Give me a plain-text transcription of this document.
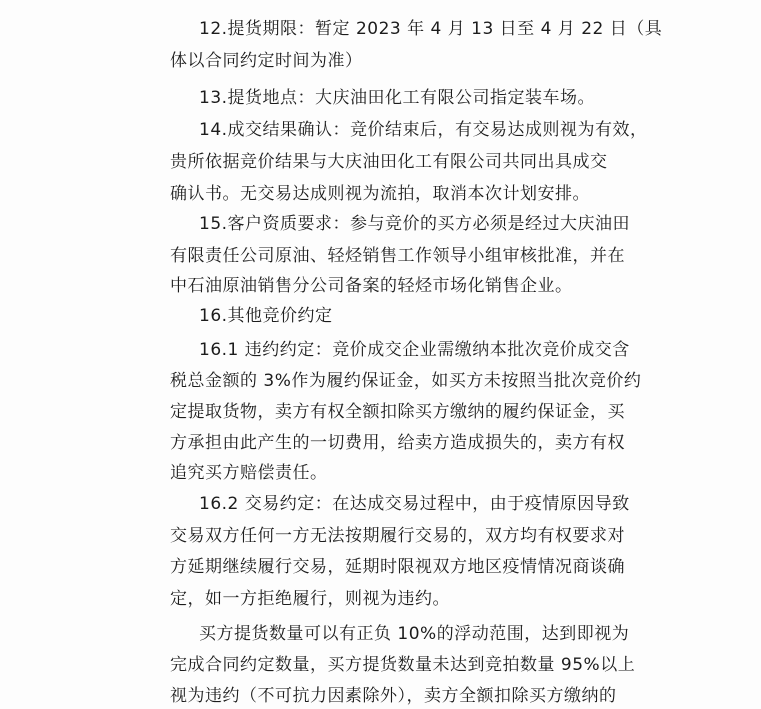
12.提货期限：暂定 2023 年 4 月 13 日至 4 月 22 日（具
体以合同约定时间为准）
13.提货地点：大庆油田化工有限公司指定装车场。
14.成交结果确认：竞价结束后，有交易达成则视为有效，
贵所依据竞价结果与大庆油田化工有限公司共同出具成交
确认书。无交易达成则视为流拍，取消本次计划安排。
15.客户资质要求：参与竞价的买方必须是经过大庆油田
有限责任公司原油、轻烃销售工作领导小组审核批准，并在
中石油原油销售分公司备案的轻烃市场化销售企业。
16.其他竞价约定
16.1 违约约定：竞价成交企业需缴纳本批次竞价成交含
税总金额的 3%作为履约保证金，如买方未按照当批次竞价约
定提取货物，卖方有权全额扣除买方缴纳的履约保证金，买
方承担由此产生的一切费用，给卖方造成损失的，卖方有权
追究买方赔偿责任。
16.2 交易约定：在达成交易过程中，由于疫情原因导致
交易双方任何一方无法按期履行交易的，双方均有权要求对
方延期继续履行交易，延期时限视双方地区疫情情况商谈确
定，如一方拒绝履行，则视为违约。
买方提货数量可以有正负 10%的浮动范围，达到即视为
完成合同约定数量，买方提货数量未达到竞拍数量 95%以上
视为违约（不可抗力因素除外），卖方全额扣除买方缴纳的
